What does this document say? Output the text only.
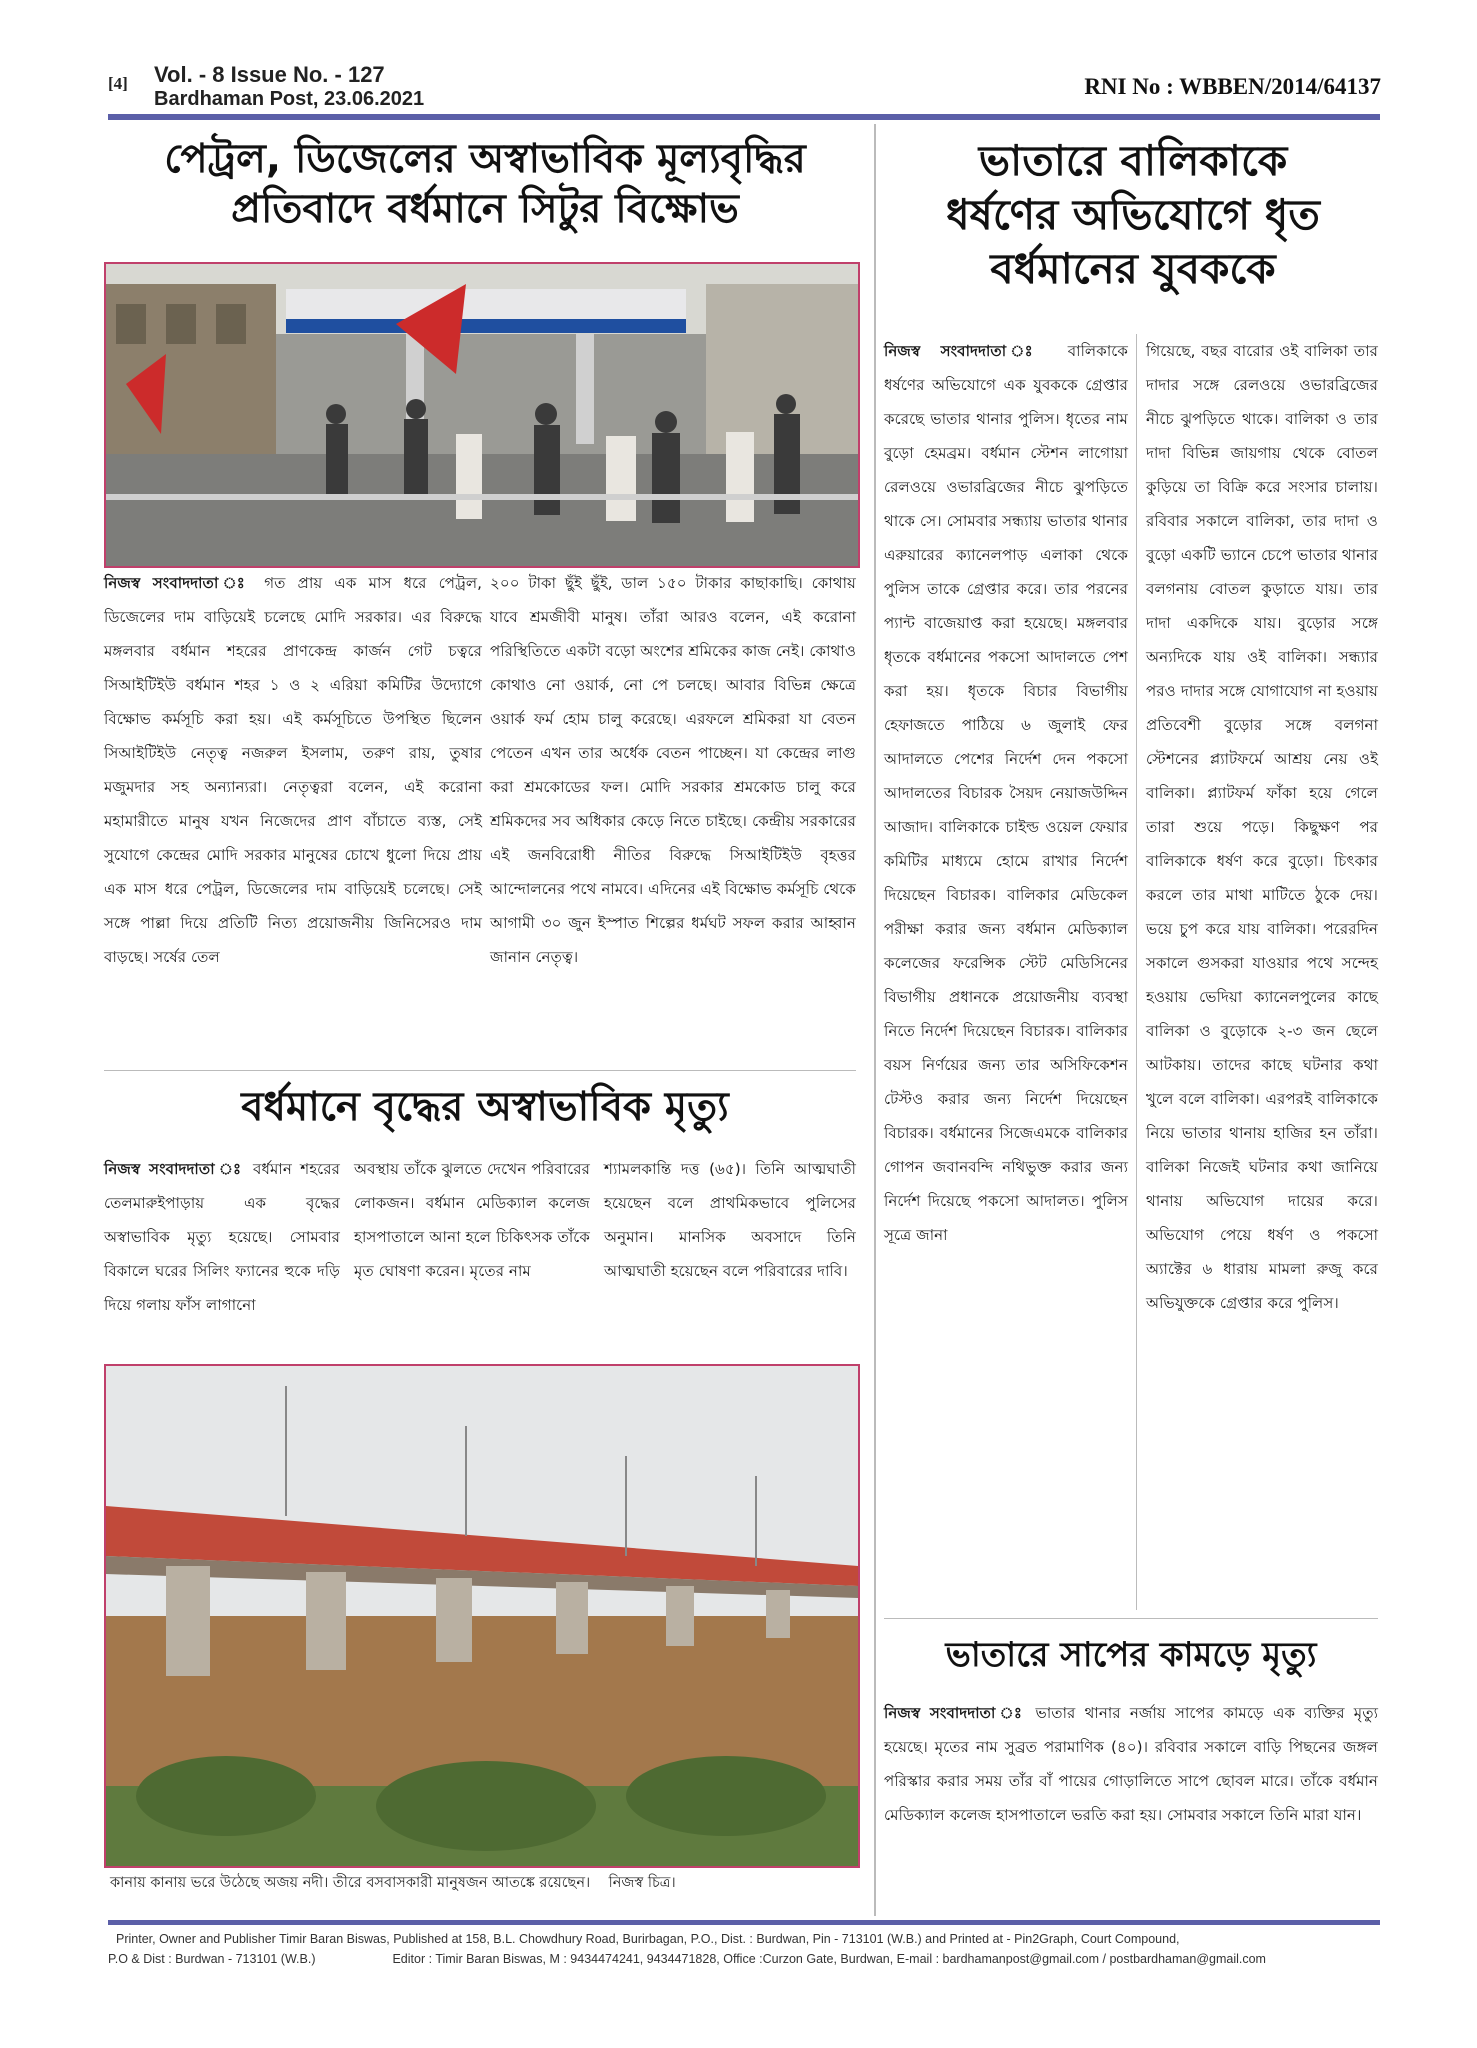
[4] Vol. - 8 Issue No. - 127
Bardhaman Post, 23.06.2021	RNI No : WBBEN/2014/64137
পেট্রল, ডিজেলের অস্বাভাবিক মূল্যবৃদ্ধির
প্রতিবাদে বর্ধমানে সিটুর বিক্ষোভ
নিজস্ব সংবাদদাতা ঃ গত প্রায় এক মাস ধরে পেট্রল, ডিজেলের দাম বাড়িয়েই চলেছে মোদি সরকার। এর বিরুদ্ধে মঙ্গলবার বর্ধমান শহরের প্রাণকেন্দ্র কার্জন গেট চত্বরে সিআইটিইউ বর্ধমান শহর ১ ও ২ এরিয়া কমিটির উদ্যোগে বিক্ষোভ কর্মসূচি করা হয়। এই কর্মসূচিতে উপস্থিত ছিলেন সিআইটিইউ নেতৃত্ব নজরুল ইসলাম, তরুণ রায়, তুষার মজুমদার সহ অন্যান্যরা। নেতৃত্বরা বলেন, এই করোনা মহামারীতে মানুষ যখন নিজেদের প্রাণ বাঁচাতে ব্যস্ত, সেই সুযোগে কেন্দ্রের মোদি সরকার মানুষের চোখে ধুলো দিয়ে প্রায় এক মাস ধরে পেট্রল, ডিজেলের দাম বাড়িয়েই চলেছে। সেই সঙ্গে পাল্লা দিয়ে প্রতিটি নিত্য প্রয়োজনীয় জিনিসেরও দাম বাড়ছে। সর্ষের তেল
২০০ টাকা ছুঁই ছুঁই, ডাল ১৫০ টাকার কাছাকাছি। কোথায় যাবে শ্রমজীবী মানুষ। তাঁরা আরও বলেন, এই করোনা পরিস্থিতিতে একটা বড়ো অংশের শ্রমিকের কাজ নেই। কোথাও কোথাও নো ওয়ার্ক, নো পে চলছে। আবার বিভিন্ন ক্ষেত্রে ওয়ার্ক ফর্ম হোম চালু করেছে। এরফলে শ্রমিকরা যা বেতন পেতেন এখন তার অর্ধেক বেতন পাচ্ছেন। যা কেন্দ্রের লাগু করা শ্রমকোডের ফল। মোদি সরকার শ্রমকোড চালু করে শ্রমিকদের সব অধিকার কেড়ে নিতে চাইছে। কেন্দ্রীয় সরকারের এই জনবিরোধী নীতির বিরুদ্ধে সিআইটিইউ বৃহত্তর আন্দোলনের পথে নামবে। এদিনের এই বিক্ষোভ কর্মসূচি থেকে আগামী ৩০ জুন ইস্পাত শিল্পের ধর্মঘট সফল করার আহ্বান জানান নেতৃত্ব।
বর্ধমানে বৃদ্ধের অস্বাভাবিক মৃত্যু
নিজস্ব সংবাদদাতা ঃ বর্ধমান শহরের তেলমারুইপাড়ায় এক বৃদ্ধের অস্বাভাবিক মৃত্যু হয়েছে। সোমবার বিকালে ঘরের সিলিং ফ্যানের হুকে দড়ি দিয়ে গলায় ফাঁস লাগানো
অবস্থায় তাঁকে ঝুলতে দেখেন পরিবারের লোকজন। বর্ধমান মেডিক্যাল কলেজ হাসপাতালে আনা হলে চিকিৎসক তাঁকে মৃত ঘোষণা করেন। মৃতের নাম
শ্যামলকান্তি দত্ত (৬৫)। তিনি আত্মঘাতী হয়েছেন বলে প্রাথমিকভাবে পুলিসের অনুমান। মানসিক অবসাদে তিনি আত্মঘাতী হয়েছেন বলে পরিবারের দাবি।
কানায় কানায় ভরে উঠেছে অজয় নদী। তীরে বসবাসকারী মানুষজন আতঙ্কে রয়েছেন। নিজস্ব চিত্র।
ভাতারে বালিকাকে
ধর্ষণের অভিযোগে ধৃত
বর্ধমানের যুবককে
নিজস্ব সংবাদদাতা ঃ বালিকাকে ধর্ষণের অভিযোগে এক যুবককে গ্রেপ্তার করেছে ভাতার থানার পুলিস। ধৃতের নাম বুড়ো হেমব্রম। বর্ধমান স্টেশন লাগোয়া রেলওয়ে ওভারব্রিজের নীচে ঝুপড়িতে থাকে সে। সোমবার সন্ধ্যায় ভাতার থানার এরুয়ারের ক্যানেলপাড় এলাকা থেকে পুলিস তাকে গ্রেপ্তার করে। তার পরনের প্যান্ট বাজেয়াপ্ত করা হয়েছে। মঙ্গলবার ধৃতকে বর্ধমানের পকসো আদালতে পেশ করা হয়। ধৃতকে বিচার বিভাগীয় হেফাজতে পাঠিয়ে ৬ জুলাই ফের আদালতে পেশের নির্দেশ দেন পকসো আদালতের বিচারক সৈয়দ নেয়াজউদ্দিন আজাদ। বালিকাকে চাইল্ড ওয়েল ফেয়ার কমিটির মাধ্যমে হোমে রাখার নির্দেশ দিয়েছেন বিচারক। বালিকার মেডিকেল পরীক্ষা করার জন্য বর্ধমান মেডিক্যাল কলেজের ফরেন্সিক স্টেট মেডিসিনের বিভাগীয় প্রধানকে প্রয়োজনীয় ব্যবস্থা নিতে নির্দেশ দিয়েছেন বিচারক। বালিকার বয়স নির্ণয়ের জন্য তার অসিফিকেশন টেস্টও করার জন্য নির্দেশ দিয়েছেন বিচারক। বর্ধমানের সিজেএমকে বালিকার গোপন জবানবন্দি নথিভুক্ত করার জন্য নির্দেশ দিয়েছে পকসো আদালত। পুলিস সূত্রে জানা
গিয়েছে, বছর বারোর ওই বালিকা তার দাদার সঙ্গে রেলওয়ে ওভারব্রিজের নীচে ঝুপড়িতে থাকে। বালিকা ও তার দাদা বিভিন্ন জায়গায় থেকে বোতল কুড়িয়ে তা বিক্রি করে সংসার চালায়। রবিবার সকালে বালিকা, তার দাদা ও বুড়ো একটি ভ্যানে চেপে ভাতার থানার বলগনায় বোতল কুড়াতে যায়। তার দাদা একদিকে যায়। বুড়োর সঙ্গে অন্যদিকে যায় ওই বালিকা। সন্ধ্যার পরও দাদার সঙ্গে যোগাযোগ না হওয়ায় প্রতিবেশী বুড়োর সঙ্গে বলগনা স্টেশনের প্ল্যাটফর্মে আশ্রয় নেয় ওই বালিকা। প্ল্যাটফর্ম ফাঁকা হয়ে গেলে তারা শুয়ে পড়ে। কিছুক্ষণ পর বালিকাকে ধর্ষণ করে বুড়ো। চিৎকার করলে তার মাথা মাটিতে ঠুকে দেয়। ভয়ে চুপ করে যায় বালিকা। পরেরদিন সকালে গুসকরা যাওয়ার পথে সন্দেহ হওয়ায় ভেদিয়া ক্যানেলপুলের কাছে বালিকা ও বুড়োকে ২-৩ জন ছেলে আটকায়। তাদের কাছে ঘটনার কথা খুলে বলে বালিকা। এরপরই বালিকাকে নিয়ে ভাতার থানায় হাজির হন তাঁরা। বালিকা নিজেই ঘটনার কথা জানিয়ে থানায় অভিযোগ দায়ের করে। অভিযোগ পেয়ে ধর্ষণ ও পকসো অ্যাক্টের ৬ ধারায় মামলা রুজু করে অভিযুক্তকে গ্রেপ্তার করে পুলিস।
ভাতারে সাপের কামড়ে মৃত্যু
নিজস্ব সংবাদদাতা ঃ ভাতার থানার নর্জায় সাপের কামড়ে এক ব্যক্তির মৃত্যু হয়েছে। মৃতের নাম সুব্রত পরামাণিক (৪০)। রবিবার সকালে বাড়ি পিছনের জঙ্গল পরিস্কার করার সময় তাঁর বাঁ পায়ের গোড়ালিতে সাপে ছোবল মারে। তাঁকে বর্ধমান মেডিক্যাল কলেজ হাসপাতালে ভরতি করা হয়। সোমবার সকালে তিনি মারা যান।
Printer, Owner and Publisher Timir Baran Biswas, Published at 158, B.L. Chowdhury Road, Burirbagan, P.O., Dist. : Burdwan, Pin - 713101 (W.B.) and Printed at - Pin2Graph, Court Compound,
P.O & Dist : Burdwan - 713101 (W.B.)	Editor : Timir Baran Biswas, M : 9434474241, 9434471828, Office :Curzon Gate, Burdwan, E-mail : bardhamanpost@gmail.com / postbardhaman@gmail.com
